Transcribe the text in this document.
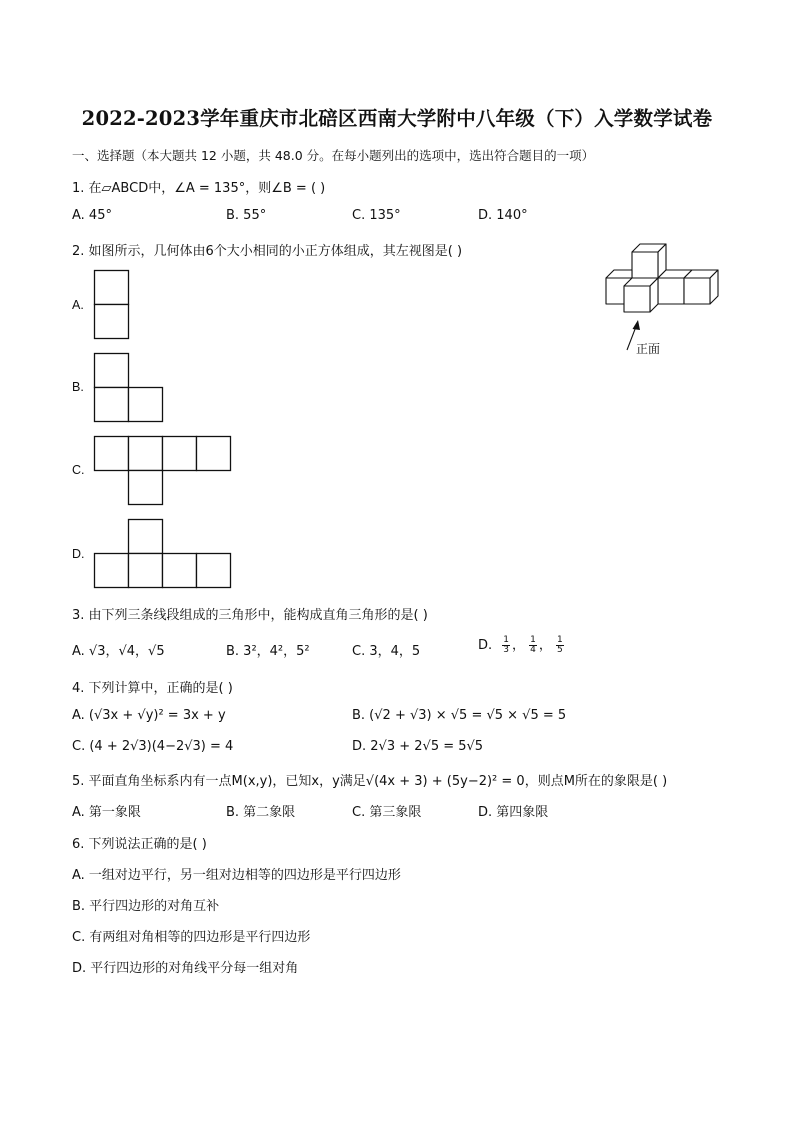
2022-2023学年重庆市北碚区西南大学附中八年级（下）入学数学试卷
一、选择题（本大题共 12 小题，共 48.0 分。在每小题列出的选项中，选出符合题目的一项）
1. 在▱ABCD中，∠A = 135°，则∠B = ( )
A. 45°	B. 55°	C. 135°	D. 140°
2. 如图所示，几何体由6个大小相同的小正方体组成，其左视图是( )
A.
B.
C.
D.
正面
3. 由下列三条线段组成的三角形中，能构成直角三角形的是( )
A. √3，√4，√5	B. 3²，4²，5²	C. 3，4，5	D. $\frac{1}{3}$ ， $\frac{1}{4}$ ， $\frac{1}{5}$
4. 下列计算中，正确的是( )
A. (√3x + √y)² = 3x + y	B. (√2 + √3) × √5 = √5 × √5 = 5
C. (4 + 2√3)(4−2√3) = 4	D. 2√3 + 2√5 = 5√5
5. 平面直角坐标系内有一点M(x,y)，已知x，y满足√(4x + 3) + (5y−2)² = 0，则点M所在的象限是( )
A. 第一象限	B. 第二象限	C. 第三象限	D. 第四象限
6. 下列说法正确的是( )
A. 一组对边平行，另一组对边相等的四边形是平行四边形
B. 平行四边形的对角互补
C. 有两组对角相等的四边形是平行四边形
D. 平行四边形的对角线平分每一组对角
